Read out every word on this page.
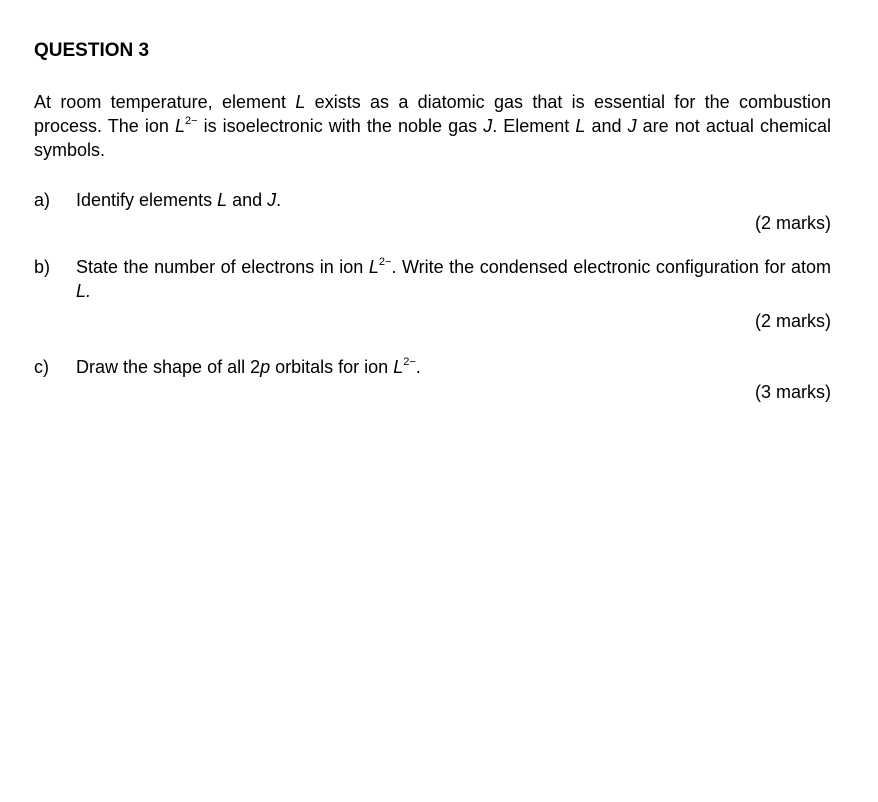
QUESTION 3
At room temperature, element L exists as a diatomic gas that is essential for the combustion process. The ion $L^{2-}$ is isoelectronic with the noble gas J. Element L and J are not actual chemical symbols.
a)	Identify elements L and J.
(2 marks)
b)	State the number of electrons in ion $L^{2-}$. Write the condensed electronic configuration for atom L.
(2 marks)
c)	Draw the shape of all 2p orbitals for ion $L^{2-}$.
(3 marks)
